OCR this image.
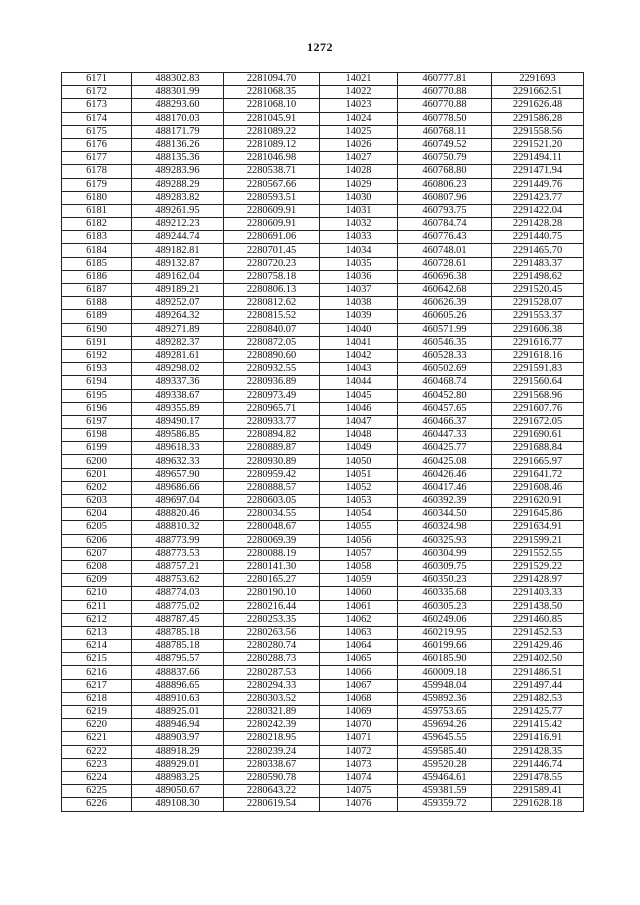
1272
6171	488302.83	2281094.70	14021	460777.81	2291693
6172	488301.99	2281068.35	14022	460770.88	2291662.51
6173	488293.60	2281068.10	14023	460770.88	2291626.48
6174	488170.03	2281045.91	14024	460778.50	2291586.28
6175	488171.79	2281089.22	14025	460768.11	2291558.56
6176	488136.26	2281089.12	14026	460749.52	2291521.20
6177	488135.36	2281046.98	14027	460750.79	2291494.11
6178	489283.96	2280538.71	14028	460768.80	2291471.94
6179	489288.29	2280567.66	14029	460806.23	2291449.76
6180	489283.82	2280593.51	14030	460807.96	2291423.77
6181	489261.95	2280609.91	14031	460793.75	2291422.04
6182	489212.23	2280609.91	14032	460784.74	2291428.28
6183	489244.74	2280691.06	14033	460776.43	2291440.75
6184	489182.81	2280701.45	14034	460748.01	2291465.70
6185	489132.87	2280720.23	14035	460728.61	2291483.37
6186	489162.04	2280758.18	14036	460696.38	2291498.62
6187	489189.21	2280806.13	14037	460642.68	2291520.45
6188	489252.07	2280812.62	14038	460626.39	2291528.07
6189	489264.32	2280815.52	14039	460605.26	2291553.37
6190	489271.89	2280840.07	14040	460571.99	2291606.38
6191	489282.37	2280872.05	14041	460546.35	2291616.77
6192	489281.61	2280890.60	14042	460528.33	2291618.16
6193	489298.02	2280932.55	14043	460502.69	2291591.83
6194	489337.36	2280936.89	14044	460468.74	2291560.64
6195	489338.67	2280973.49	14045	460452.80	2291568.96
6196	489355.89	2280965.71	14046	460457.65	2291607.76
6197	489490.17	2280933.77	14047	460466.37	2291672.05
6198	489586.85	2280894.82	14048	460447.33	2291690.61
6199	489618.33	2280889.87	14049	460425.77	2291688.84
6200	489632.33	2280930.89	14050	460425.08	2291665.97
6201	489657.90	2280959.42	14051	460426.46	2291641.72
6202	489686.66	2280888.57	14052	460417.46	2291608.46
6203	489697.04	2280603.05	14053	460392.39	2291620.91
6204	488820.46	2280034.55	14054	460344.50	2291645.86
6205	488810.32	2280048.67	14055	460324.98	2291634.91
6206	488773.99	2280069.39	14056	460325.93	2291599.21
6207	488773.53	2280088.19	14057	460304.99	2291552.55
6208	488757.21	2280141.30	14058	460309.75	2291529.22
6209	488753.62	2280165.27	14059	460350.23	2291428.97
6210	488774.03	2280190.10	14060	460335.68	2291403.33
6211	488775.02	2280216.44	14061	460305.23	2291438.50
6212	488787.45	2280253.35	14062	460249.06	2291460.85
6213	488785.18	2280263.56	14063	460219.95	2291452.53
6214	488785.18	2280280.74	14064	460199.66	2291429.46
6215	488795.57	2280288.73	14065	460185.90	2291402.50
6216	488837.66	2280287.53	14066	460009.18	2291486.51
6217	488896.65	2280294.33	14067	459948.04	2291497.44
6218	488910.63	2280303.52	14068	459892.36	2291482.53
6219	488925.01	2280321.89	14069	459753.65	2291425.77
6220	488946.94	2280242.39	14070	459694.26	2291415.42
6221	488903.97	2280218.95	14071	459645.55	2291416.91
6222	488918.29	2280239.24	14072	459585.40	2291428.35
6223	488929.01	2280338.67	14073	459520.28	2291446.74
6224	488983.25	2280590.78	14074	459464.61	2291478.55
6225	489050.67	2280643.22	14075	459381.59	2291589.41
6226	489108.30	2280619.54	14076	459359.72	2291628.18
